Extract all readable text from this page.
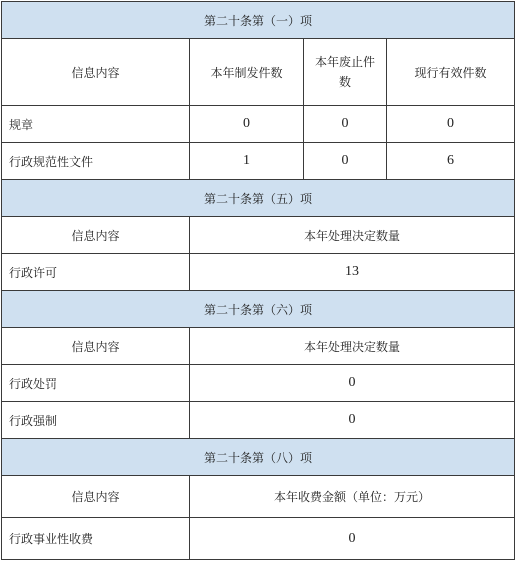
第二十条第（一）项			
信息内容	本年制发件数	本年废止件数	现行有效件数
规章	0	0	0
行政规范性文件	1	0	6
第二十条第（五）项			
信息内容	本年处理决定数量		
行政许可	13		
第二十条第（六）项			
信息内容	本年处理决定数量		
行政处罚	0		
行政强制	0		
第二十条第（八）项			
信息内容	本年收费金额（单位：万元）		
行政事业性收费	0		
